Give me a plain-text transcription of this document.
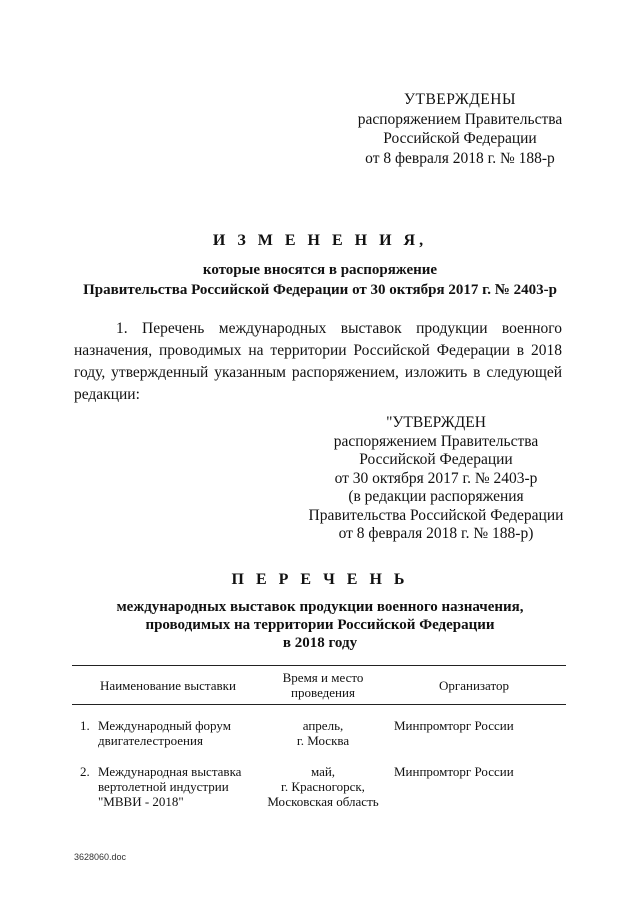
УТВЕРЖДЕНЫ
распоряжением Правительства
Российской Федерации
от 8 февраля 2018 г. № 188-р
И З М Е Н Е Н И Я,
которые вносятся в распоряжение
Правительства Российской Федерации от 30 октября 2017 г. № 2403-р
1. Перечень международных выставок продукции военного назначения, проводимых на территории Российской Федерации в 2018 году, утвержденный указанным распоряжением, изложить в следующей редакции:
"УТВЕРЖДЕН
распоряжением Правительства
Российской Федерации
от 30 октября 2017 г. № 2403-р
(в редакции распоряжения
Правительства Российской Федерации
от 8 февраля 2018 г. № 188-р)
П Е Р Е Ч Е Н Ь
международных выставок продукции военного назначения,
проводимых на территории Российской Федерации
в 2018 году
Наименование выставки	Время и место проведения	Организатор
1. Международный форум двигателестроения
апрель,
г. Москва
Минпромторг России
2. Международная выставка вертолетной индустрии "МВВИ - 2018"
май,
г. Красногорск,
Московская область
Минпромторг России
3628060.doc
